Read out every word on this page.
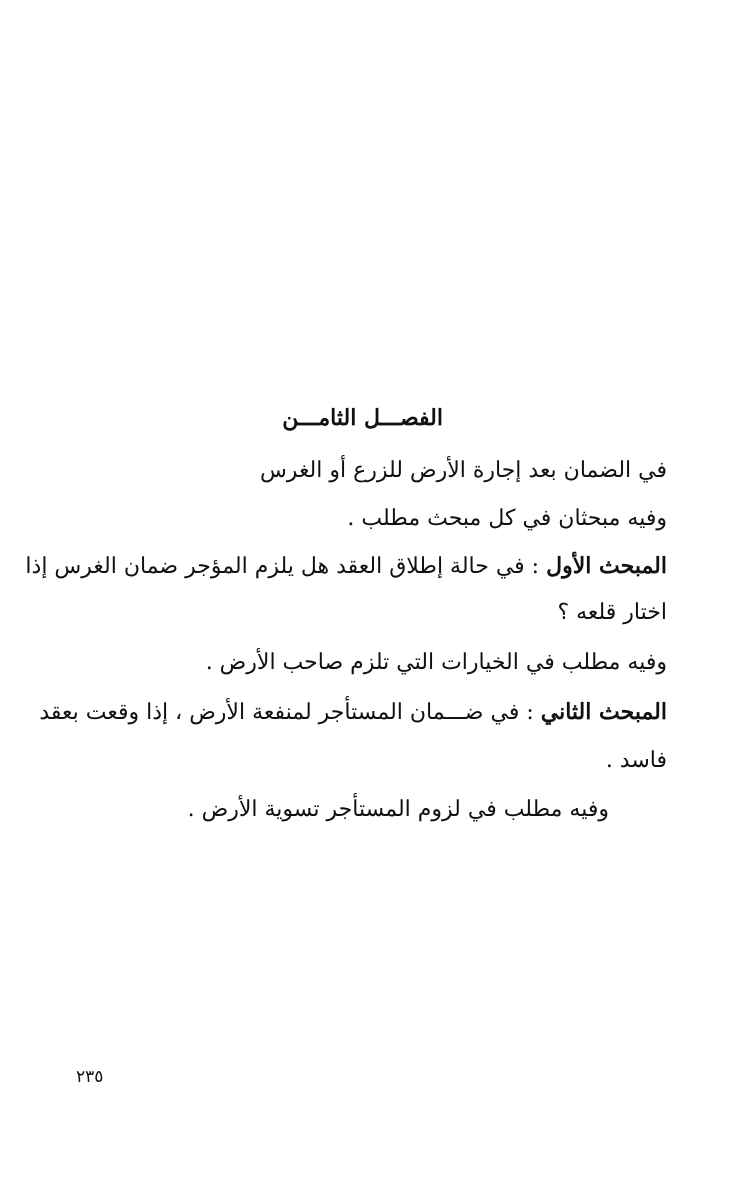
الفصـــل الثامـــن
في الضمان بعد إجارة الأرض للزرع أو الغرس
وفيه مبحثان في كل مبحث مطلب .
المبحث الأول : في حالة إطلاق العقد هل يلزم المؤجر ضمان الغرس إذا
اختار قلعه ؟
وفيه مطلب في الخيارات التي تلزم صاحب الأرض .
المبحث الثاني : في ضـــمان المستأجر لمنفعة الأرض ، إذا وقعت بعقد
فاسد .
وفيه مطلب في لزوم المستأجر تسوية الأرض .
٢٣٥
